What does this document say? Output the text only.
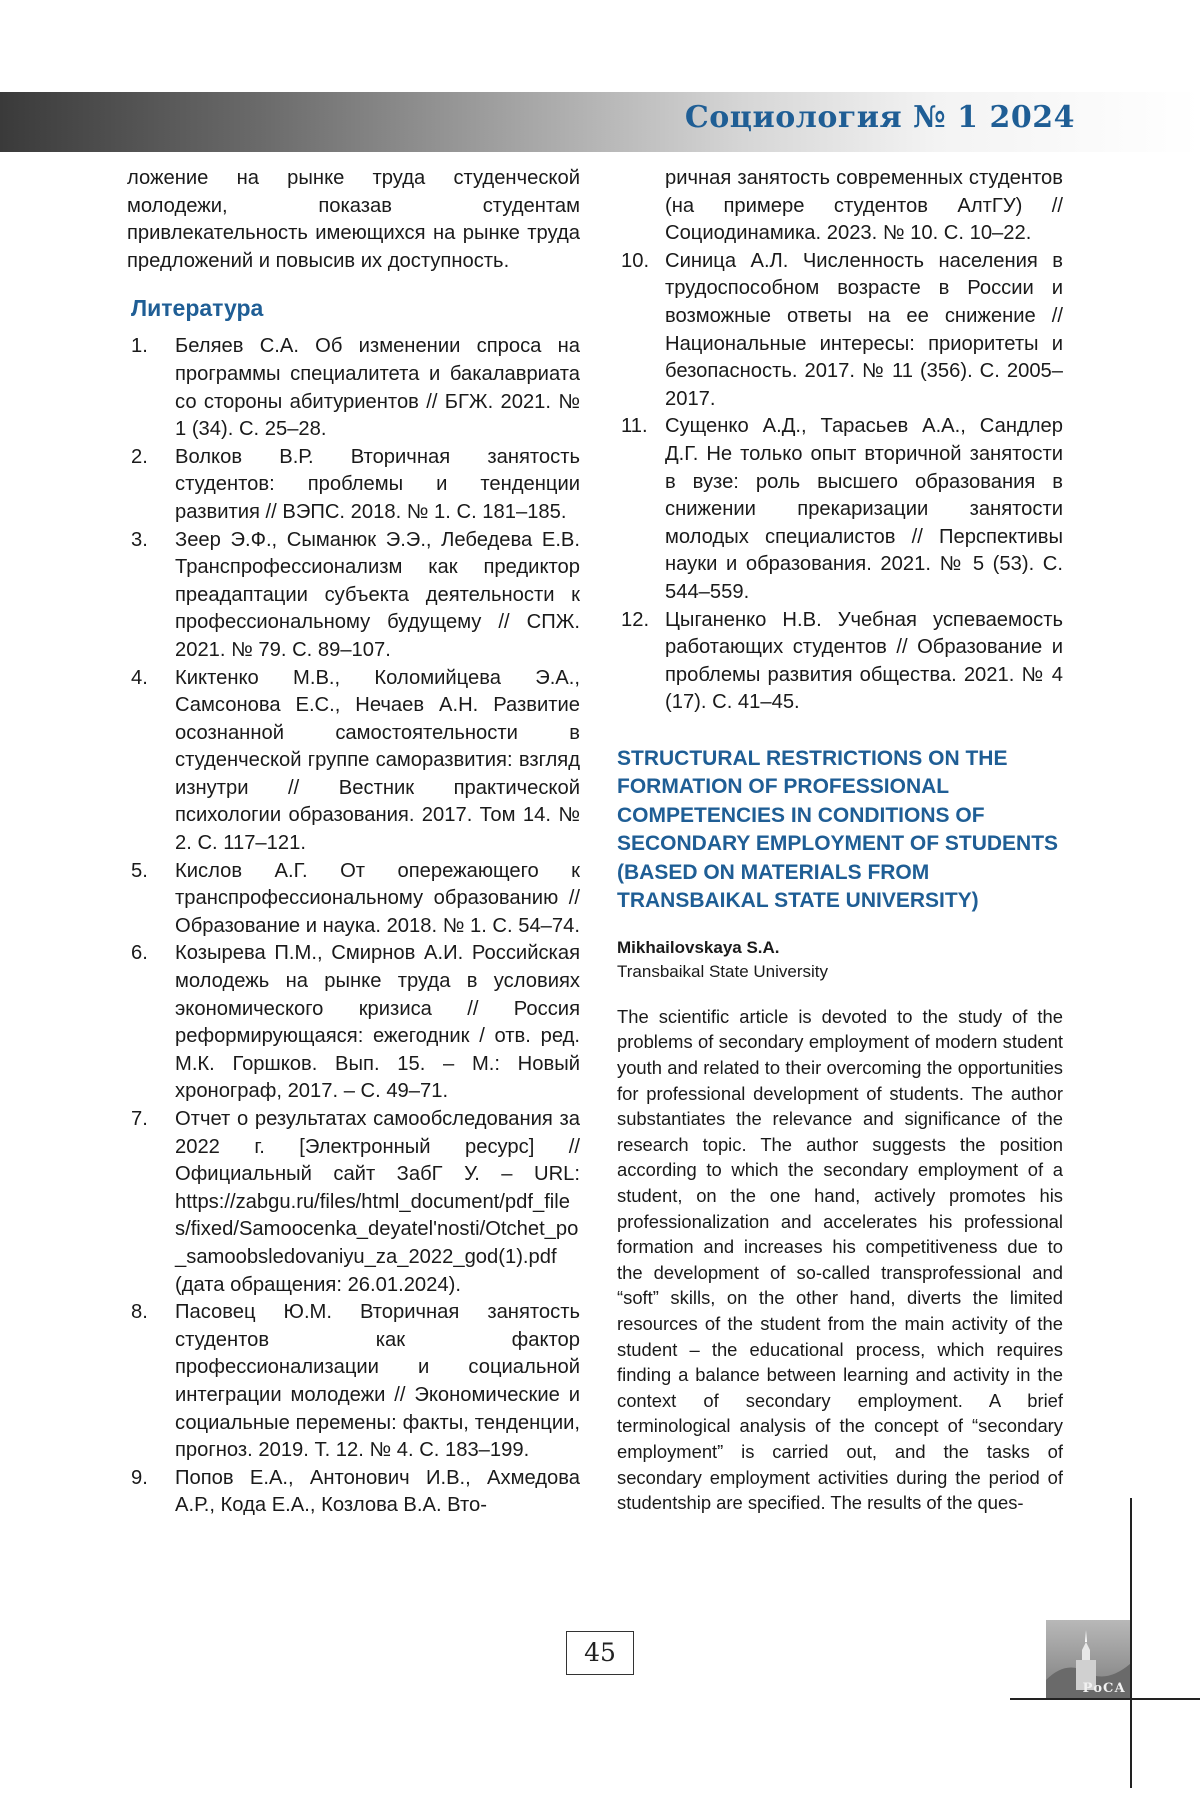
Социология № 1 2024

ложение на рынке труда студенческой молодежи, показав студентам привлекательность имеющихся на рынке труда предложений и повысив их доступность.

Литература

1. Беляев С.А. Об изменении спроса на программы специалитета и бакалавриата со стороны абитуриентов // БГЖ. 2021. № 1 (34). С. 25–28.

2. Волков В.Р. Вторичная занятость студентов: проблемы и тенденции развития // ВЭПС. 2018. № 1. С. 181–185.

3. Зеер Э.Ф., Сыманюк Э.Э., Лебедева Е.В. Транспрофессионализм как предиктор преадаптации субъекта деятельности к профессиональному будущему // СПЖ. 2021. № 79. С. 89–107.

4. Киктенко М.В., Коломийцева Э.А., Самсонова Е.С., Нечаев А.Н. Развитие осознанной самостоятельности в студенческой группе саморазвития: взгляд изнутри // Вестник практической психологии образования. 2017. Том 14. № 2. С. 117–121.

5. Кислов А.Г. От опережающего к транспрофессиональному образованию // Образование и наука. 2018. № 1. С. 54–74.

6. Козырева П.М., Смирнов А.И. Российская молодежь на рынке труда в условиях экономического кризиса // Россия реформирующаяся: ежегодник / отв. ред. М.К. Горшков. Вып. 15. – М.: Новый хронограф, 2017. – С. 49–71.

7. Отчет о результатах самообследования за 2022 г. [Электронный ресурс] // Официальный сайт ЗабГ У. – URL: https://zabgu.ru/files/html_document/pdf_files/fixed/Samoocenka_deyatel'nosti/Otchet_po_samoobsledovaniyu_za_2022_god(1).pdf (дата обращения: 26.01.2024).

8. Пасовец Ю.М. Вторичная занятость студентов как фактор профессионализации и социальной интеграции молодежи // Экономические и социальные перемены: факты, тенденции, прогноз. 2019. Т. 12. № 4. С. 183–199.

9. Попов Е.А., Антонович И.В., Ахмедова А.Р., Кода Е.А., Козлова В.А. Вто-

ричная занятость современных студентов (на примере студентов АлтГУ) // Социодинамика. 2023. № 10. С. 10–22.

10. Синица А.Л. Численность населения в трудоспособном возрасте в России и возможные ответы на ее снижение // Национальные интересы: приоритеты и безопасность. 2017. № 11 (356). С. 2005–2017.

11. Сущенко А.Д., Тарасьев А.А., Сандлер Д.Г. Не только опыт вторичной занятости в вузе: роль высшего образования в снижении прекаризации занятости молодых специалистов // Перспективы науки и образования. 2021. № 5 (53). С. 544–559.

12. Цыганенко Н.В. Учебная успеваемость работающих студентов // Образование и проблемы развития общества. 2021. № 4 (17). С. 41–45.

STRUCTURAL RESTRICTIONS ON THE FORMATION OF PROFESSIONAL COMPETENCIES IN CONDITIONS OF SECONDARY EMPLOYMENT OF STUDENTS (BASED ON MATERIALS FROM TRANSBAIKAL STATE UNIVERSITY)

Mikhailovskaya S.A.

Transbaikal State University

The scientific article is devoted to the study of the problems of secondary employment of modern student youth and related to their overcoming the opportunities for professional development of students. The author substantiates the relevance and significance of the research topic. The author suggests the position according to which the secondary employment of a student, on the one hand, actively promotes his professionalization and accelerates his professional formation and increases his competitiveness due to the development of so-called transprofessional and “soft” skills, on the other hand, diverts the limited resources of the student from the main activity of the student – the educational process, which requires finding a balance between learning and activity in the context of secondary employment. A brief terminological analysis of the concept of “secondary employment” is carried out, and the tasks of secondary employment activities during the period of studentship are specified. The results of the ques-

45
РоСА
